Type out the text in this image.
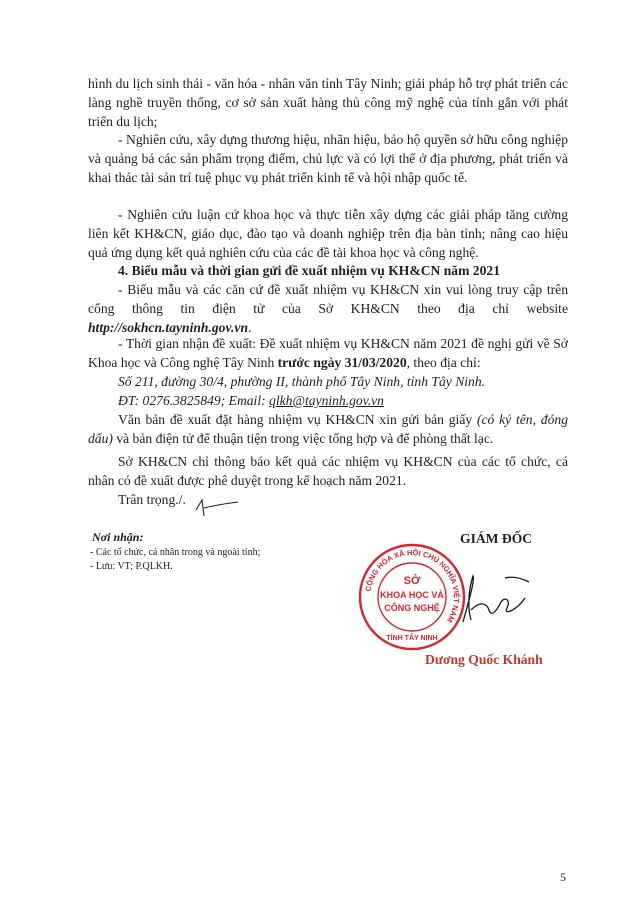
hình du lịch sinh thái - văn hóa - nhân văn tỉnh Tây Ninh; giải pháp hỗ trợ phát triển các làng nghề truyền thống, cơ sở sản xuất hàng thủ công mỹ nghệ của tỉnh gắn với phát triển du lịch;

- Nghiên cứu, xây dựng thương hiệu, nhãn hiệu, bảo hộ quyền sở hữu công nghiệp và quảng bá các sản phẩm trọng điểm, chủ lực và có lợi thế ở địa phương, phát triển và khai thác tài sản trí tuệ phục vụ phát triển kinh tế và hội nhập quốc tế.

- Nghiên cứu luận cứ khoa học và thực tiễn xây dựng các giải pháp tăng cường liên kết KH&CN, giáo dục, đào tạo và doanh nghiệp trên địa bàn tỉnh; nâng cao hiệu quả ứng dụng kết quả nghiên cứu của các đề tài khoa học và công nghệ.

4. Biểu mẫu và thời gian gửi đề xuất nhiệm vụ KH&CN năm 2021

- Biểu mẫu và các căn cứ đề xuất nhiệm vụ KH&CN xin vui lòng truy cập trên cổng thông tin điện tử của Sở KH&CN theo địa chỉ website http://sokhcn.tayninh.gov.vn.

- Thời gian nhận đề xuất: Đề xuất nhiệm vụ KH&CN năm 2021 đề nghị gửi về Sở Khoa học và Công nghệ Tây Ninh trước ngày 31/03/2020, theo địa chỉ:

Số 211, đường 30/4, phường II, thành phố Tây Ninh, tỉnh Tây Ninh.

ĐT: 0276.3825849; Email: qlkh@tayninh.gov.vn

Văn bản đề xuất đặt hàng nhiệm vụ KH&CN xin gửi bản giấy (có ký tên, đóng dấu) và bản điện tử để thuận tiện trong việc tổng hợp và để phòng thất lạc.

Sở KH&CN chỉ thông báo kết quả các nhiệm vụ KH&CN của các tổ chức, cá nhân có đề xuất được phê duyệt trong kế hoạch năm 2021.

Trân trọng./.

Nơi nhận:
- Các tổ chức, cá nhân trong và ngoài tỉnh;
- Lưu: VT; P.QLKH.
GIÁM ĐỐC
CỘNG HÒA XÃ HỘI CHỦ NGHĨA VIỆT NAM
SỞ
KHOA HỌC VÀ
CÔNG NGHỆ
TỈNH TÂY NINH
Dương Quốc Khánh
5
